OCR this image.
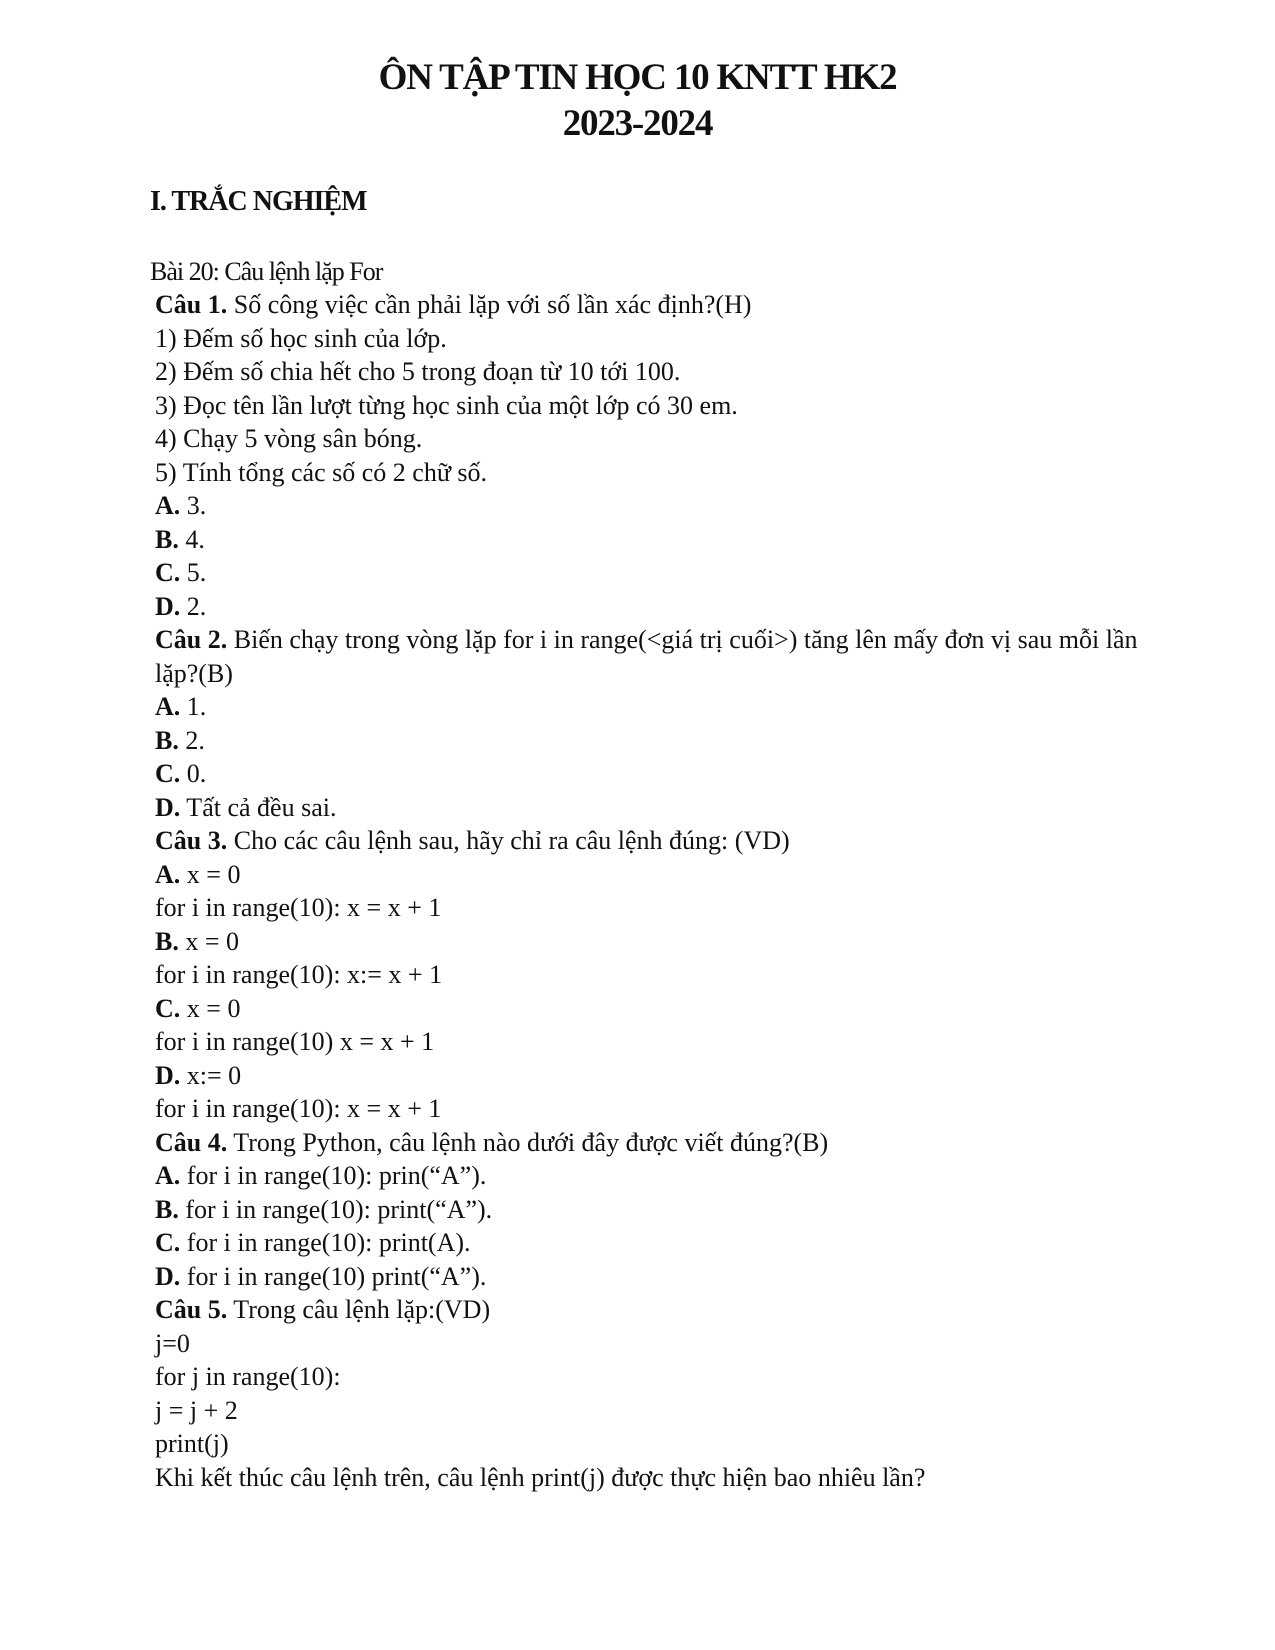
ÔN TẬP TIN HỌC 10 KNTT HK2
2023-2024
I. TRẮC NGHIỆM
Bài 20: Câu lệnh lặp For
Câu 1. Số công việc cần phải lặp với số lần xác định?(H)
1) Đếm số học sinh của lớp.
2) Đếm số chia hết cho 5 trong đoạn từ 10 tới 100.
3) Đọc tên lần lượt từng học sinh của một lớp có 30 em.
4) Chạy 5 vòng sân bóng.
5) Tính tổng các số có 2 chữ số.
A. 3.
B. 4.
C. 5.
D. 2.
Câu 2. Biến chạy trong vòng lặp for i in range(<giá trị cuối>) tăng lên mấy đơn vị sau mỗi lần lặp?(B)
A. 1.
B. 2.
C. 0.
D. Tất cả đều sai.
Câu 3. Cho các câu lệnh sau, hãy chỉ ra câu lệnh đúng: (VD)
A. x = 0
for i in range(10): x = x + 1
B. x = 0
for i in range(10): x:= x + 1
C. x = 0
for i in range(10) x = x + 1
D. x:= 0
for i in range(10): x = x + 1
Câu 4. Trong Python, câu lệnh nào dưới đây được viết đúng?(B)
A. for i in range(10): prin(“A”).
B. for i in range(10): print(“A”).
C. for i in range(10): print(A).
D. for i in range(10) print(“A”).
Câu 5. Trong câu lệnh lặp:(VD)
j=0
for j in range(10):
j = j + 2
print(j)
Khi kết thúc câu lệnh trên, câu lệnh print(j) được thực hiện bao nhiêu lần?
